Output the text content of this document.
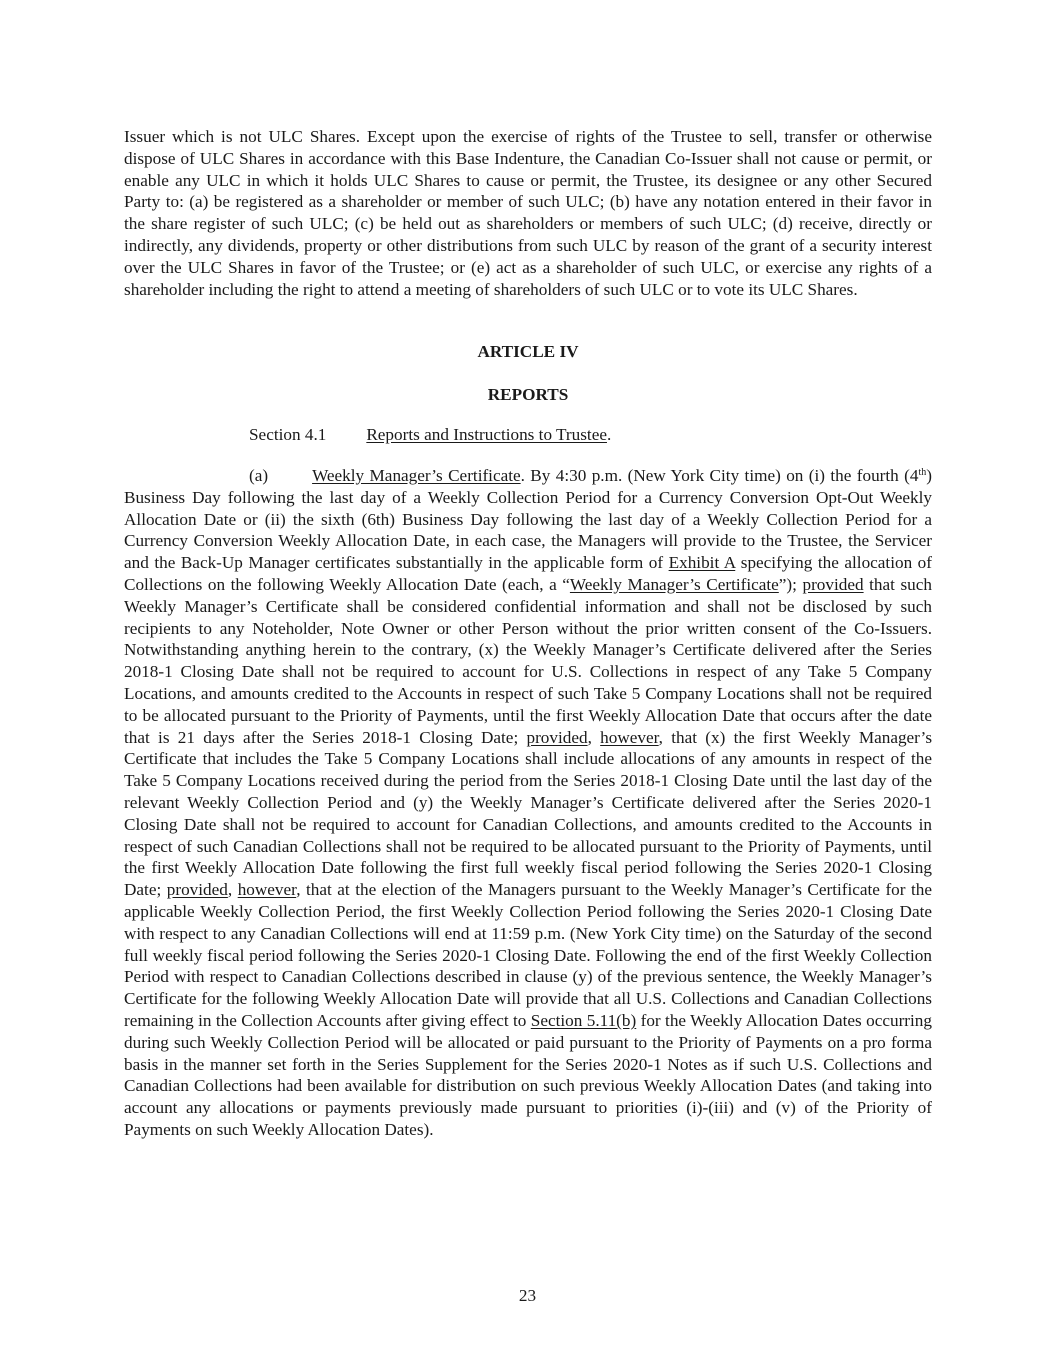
Issuer which is not ULC Shares. Except upon the exercise of rights of the Trustee to sell, transfer or otherwise dispose of ULC Shares in accordance with this Base Indenture, the Canadian Co-Issuer shall not cause or permit, or enable any ULC in which it holds ULC Shares to cause or permit, the Trustee, its designee or any other Secured Party to: (a) be registered as a shareholder or member of such ULC; (b) have any notation entered in their favor in the share register of such ULC; (c) be held out as shareholders or members of such ULC; (d) receive, directly or indirectly, any dividends, property or other distributions from such ULC by reason of the grant of a security interest over the ULC Shares in favor of the Trustee; or (e) act as a shareholder of such ULC, or exercise any rights of a shareholder including the right to attend a meeting of shareholders of such ULC or to vote its ULC Shares.

ARTICLE IV

REPORTS

Section 4.1 Reports and Instructions to Trustee.

(a)	Weekly Manager’s Certificate. By 4:30 p.m. (New York City time) on (i) the fourth (4th) Business Day following the last day of a Weekly Collection Period for a Currency Conversion Opt-Out Weekly Allocation Date or (ii) the sixth (6th) Business Day following the last day of a Weekly Collection Period for a Currency Conversion Weekly Allocation Date, in each case, the Managers will provide to the Trustee, the Servicer and the Back-Up Manager certificates substantially in the applicable form of Exhibit A specifying the allocation of Collections on the following Weekly Allocation Date (each, a “Weekly Manager’s Certificate”); provided that such Weekly Manager’s Certificate shall be considered confidential information and shall not be disclosed by such recipients to any Noteholder, Note Owner or other Person without the prior written consent of the Co-Issuers. Notwithstanding anything herein to the contrary, (x) the Weekly Manager’s Certificate delivered after the Series 2018-1 Closing Date shall not be required to account for U.S. Collections in respect of any Take 5 Company Locations, and amounts credited to the Accounts in respect of such Take 5 Company Locations shall not be required to be allocated pursuant to the Priority of Payments, until the first Weekly Allocation Date that occurs after the date that is 21 days after the Series 2018-1 Closing Date; provided, however, that (x) the first Weekly Manager’s Certificate that includes the Take 5 Company Locations shall include allocations of any amounts in respect of the Take 5 Company Locations received during the period from the Series 2018-1 Closing Date until the last day of the relevant Weekly Collection Period and (y) the Weekly Manager’s Certificate delivered after the Series 2020-1 Closing Date shall not be required to account for Canadian Collections, and amounts credited to the Accounts in respect of such Canadian Collections shall not be required to be allocated pursuant to the Priority of Payments, until the first Weekly Allocation Date following the first full weekly fiscal period following the Series 2020-1 Closing Date; provided, however, that at the election of the Managers pursuant to the Weekly Manager’s Certificate for the applicable Weekly Collection Period, the first Weekly Collection Period following the Series 2020-1 Closing Date with respect to any Canadian Collections will end at 11:59 p.m. (New York City time) on the Saturday of the second full weekly fiscal period following the Series 2020-1 Closing Date. Following the end of the first Weekly Collection Period with respect to Canadian Collections described in clause (y) of the previous sentence, the Weekly Manager’s Certificate for the following Weekly Allocation Date will provide that all U.S. Collections and Canadian Collections remaining in the Collection Accounts after giving effect to Section 5.11(b) for the Weekly Allocation Dates occurring during such Weekly Collection Period will be allocated or paid pursuant to the Priority of Payments on a pro forma basis in the manner set forth in the Series Supplement for the Series 2020-1 Notes as if such U.S. Collections and Canadian Collections had been available for distribution on such previous Weekly Allocation Dates (and taking into account any allocations or payments previously made pursuant to priorities (i)-(iii) and (v) of the Priority of Payments on such Weekly Allocation Dates).

23
